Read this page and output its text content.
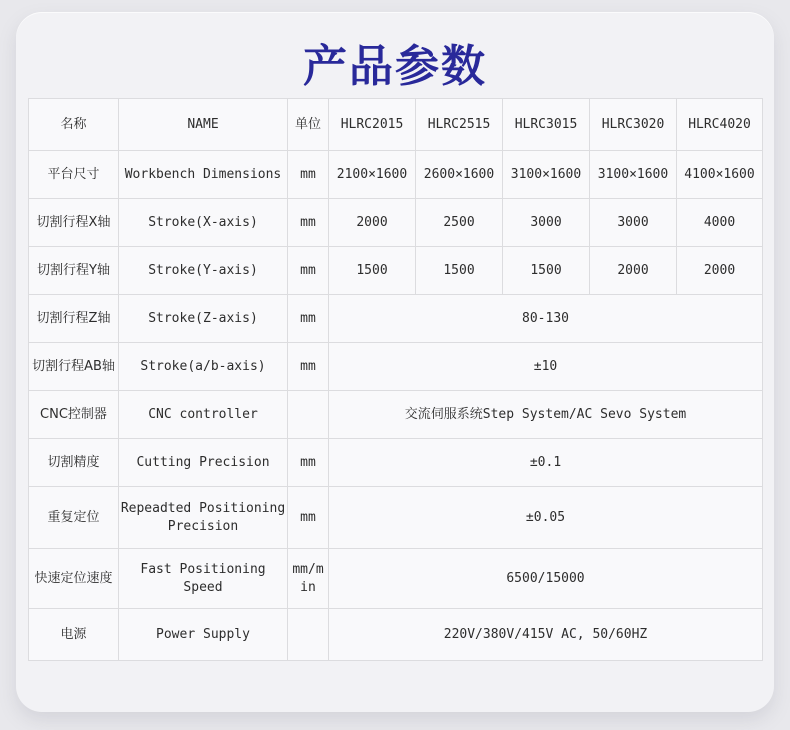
产品参数
名称	NAME	单位	HLRC2015	HLRC2515	HLRC3015	HLRC3020	HLRC4020
平台尺寸	Workbench Dimensions	mm	2100×1600	2600×1600	3100×1600	3100×1600	4100×1600
切割行程X轴	Stroke(X-axis)	mm	2000	2500	3000	3000	4000
切割行程Y轴	Stroke(Y-axis)	mm	1500	1500	1500	2000	2000
切割行程Z轴	Stroke(Z-axis)	mm	80-130				
切割行程AB轴	Stroke(a/b-axis)	mm	±10				
CNC控制器	CNC controller		交流伺服系统Step System/AC Sevo System				
切割精度	Cutting Precision	mm	±0.1				
重复定位	Repeadted Positioning Precision	mm	±0.05				
快速定位速度	Fast Positioning Speed	mm/min	6500/15000				
电源	Power Supply		220V/380V/415V AC, 50/60HZ				
